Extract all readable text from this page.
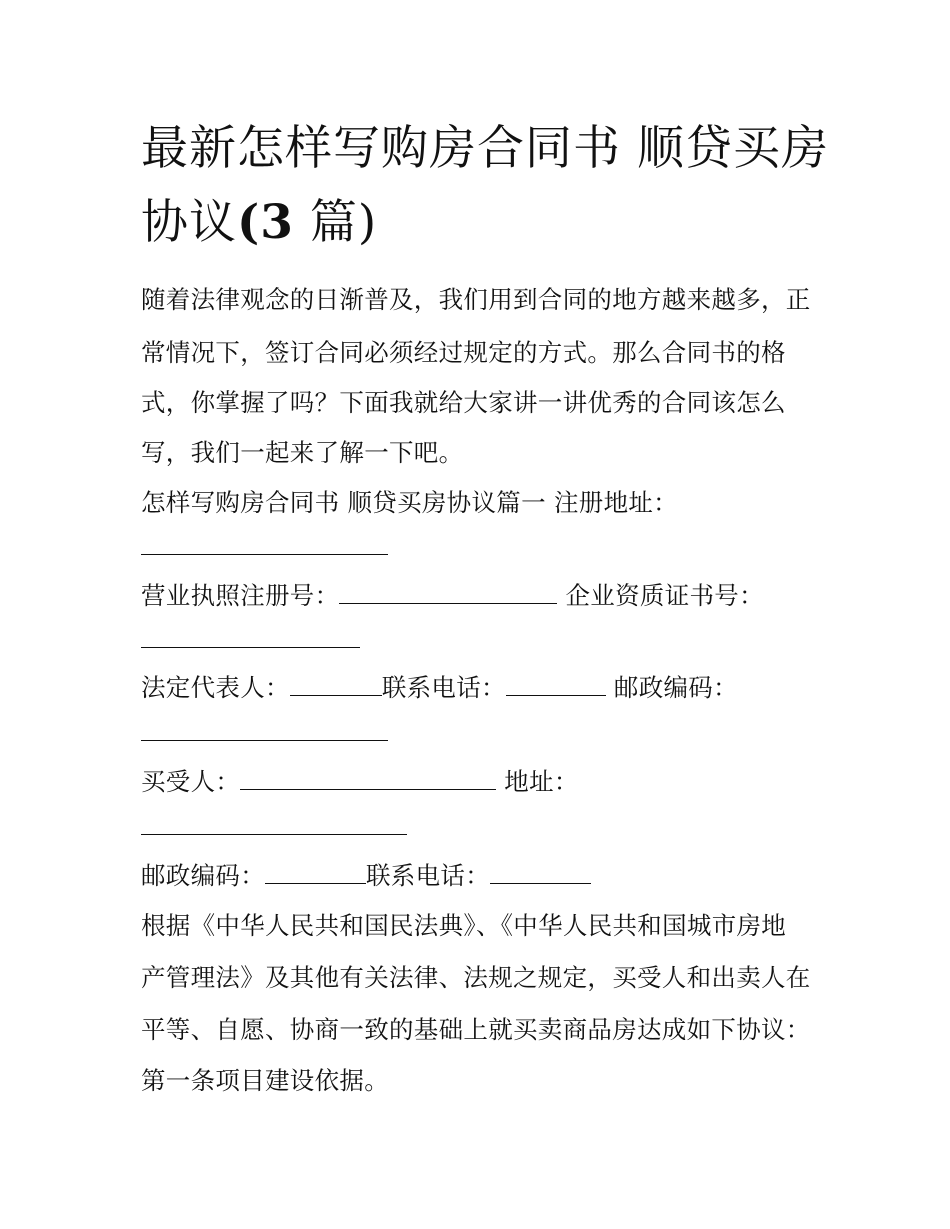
最新怎样写购房合同书 顺贷买房协议(3 篇)
随着法律观念的日渐普及，我们用到合同的地方越来越多，正
常情况下，签订合同必须经过规定的方式。那么合同书的格
式，你掌握了吗？下面我就给大家讲一讲优秀的合同该怎么
写，我们一起来了解一下吧。
怎样写购房合同书 顺贷买房协议篇一 注册地址：
营业执照注册号：	企业资质证书号：
法定代表人：	联系电话：	邮政编码：
买受人：	地址：
邮政编码：	联系电话：
根据《中华人民共和国民法典》、《中华人民共和国城市房地
产管理法》及其他有关法律、法规之规定，买受人和出卖人在
平等、自愿、协商一致的基础上就买卖商品房达成如下协议：
第一条项目建设依据。
